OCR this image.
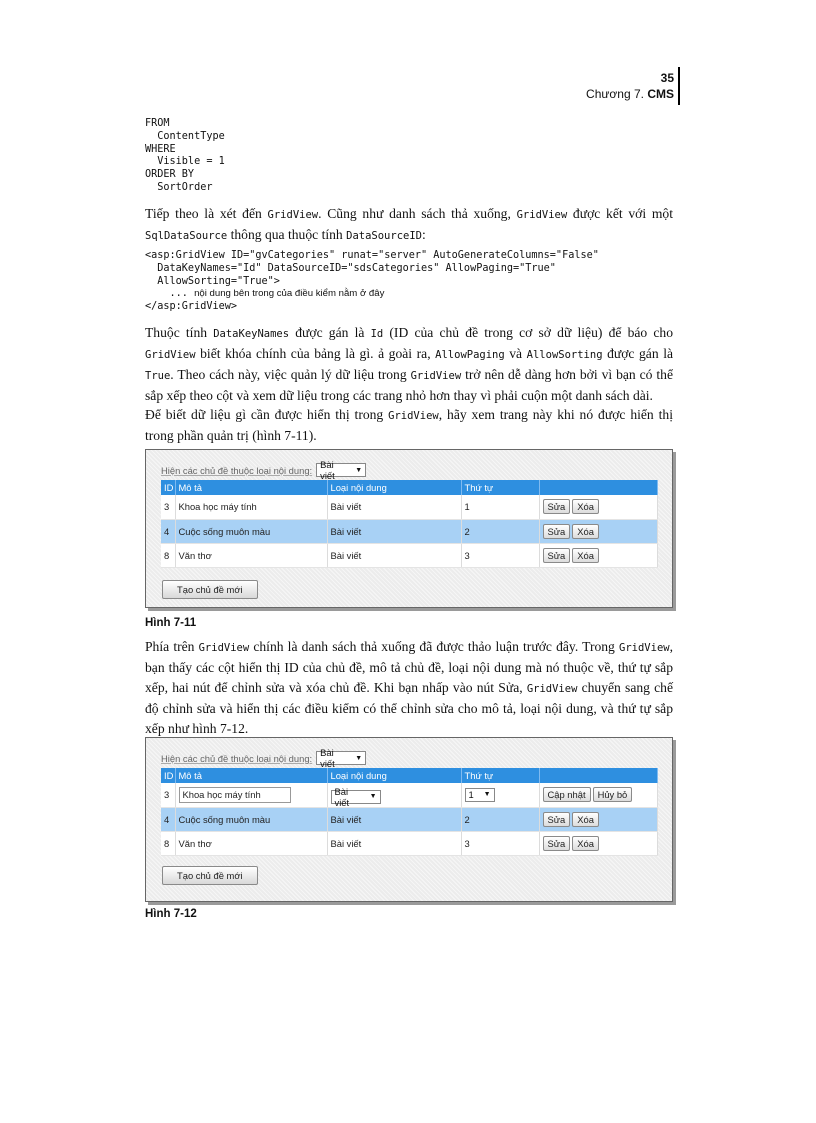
35
Chương 7. CMS
FROM
ContentType
WHERE
Visible = 1
ORDER BY
SortOrder
Tiếp theo là xét đến GridView. Cũng như danh sách thả xuống, GridView được kết với một SqlDataSource thông qua thuộc tính DataSourceID:
<asp:GridView ID="gvCategories" runat="server" AutoGenerateColumns="False"
DataKeyNames="Id" DataSourceID="sdsCategories" AllowPaging="True"
AllowSorting="True">
... nội dung bên trong của điều kiểm nằm ở đây
</asp:GridView>
Thuộc tính DataKeyNames được gán là Id (ID của chủ đề trong cơ sở dữ liệu) để báo cho GridView biết khóa chính của bảng là gì. ả goài ra, AllowPaging và AllowSorting được gán là True. Theo cách này, việc quản lý dữ liệu trong GridView trở nên dễ dàng hơn bởi vì bạn có thể sắp xếp theo cột và xem dữ liệu trong các trang nhỏ hơn thay vì phải cuộn một danh sách dài.
Để biết dữ liệu gì cần được hiển thị trong GridView, hãy xem trang này khi nó được hiển thị trong phần quản trị (hình 7-11).
Hiện các chủ đề thuộc loại nội dung: Bài viết	▼
ID	Mô tả	Loại nội dung	Thứ tự	
3	Khoa học máy tính	Bài viết	1	Sửa Xóa
4	Cuộc sống muôn màu	Bài viết	2	Sửa Xóa
8	Văn thơ	Bài viết	3	Sửa Xóa
Tạo chủ đề mới
Hình 7-11
Phía trên GridView chính là danh sách thả xuống đã được thảo luận trước đây. Trong GridView, bạn thấy các cột hiển thị ID của chủ đề, mô tả chủ đề, loại nội dung mà nó thuộc về, thứ tự sắp xếp, hai nút để chỉnh sửa và xóa chủ đề. Khi bạn nhấp vào nút Sửa, GridView chuyển sang chế độ chỉnh sửa và hiển thị các điều kiểm có thể chỉnh sửa cho mô tả, loại nội dung, và thứ tự sắp xếp như hình 7-12.
Hiện các chủ đề thuộc loại nội dung: Bài viết	▼
ID	Mô tả	Loại nội dung	Thứ tự	
3	Khoa học máy tính	Bài viết ▼	1 ▼	Cập nhật Hủy bỏ
4	Cuộc sống muôn màu	Bài viết	2	Sửa Xóa
8	Văn thơ	Bài viết	3	Sửa Xóa
Tạo chủ đề mới
Hình 7-12
